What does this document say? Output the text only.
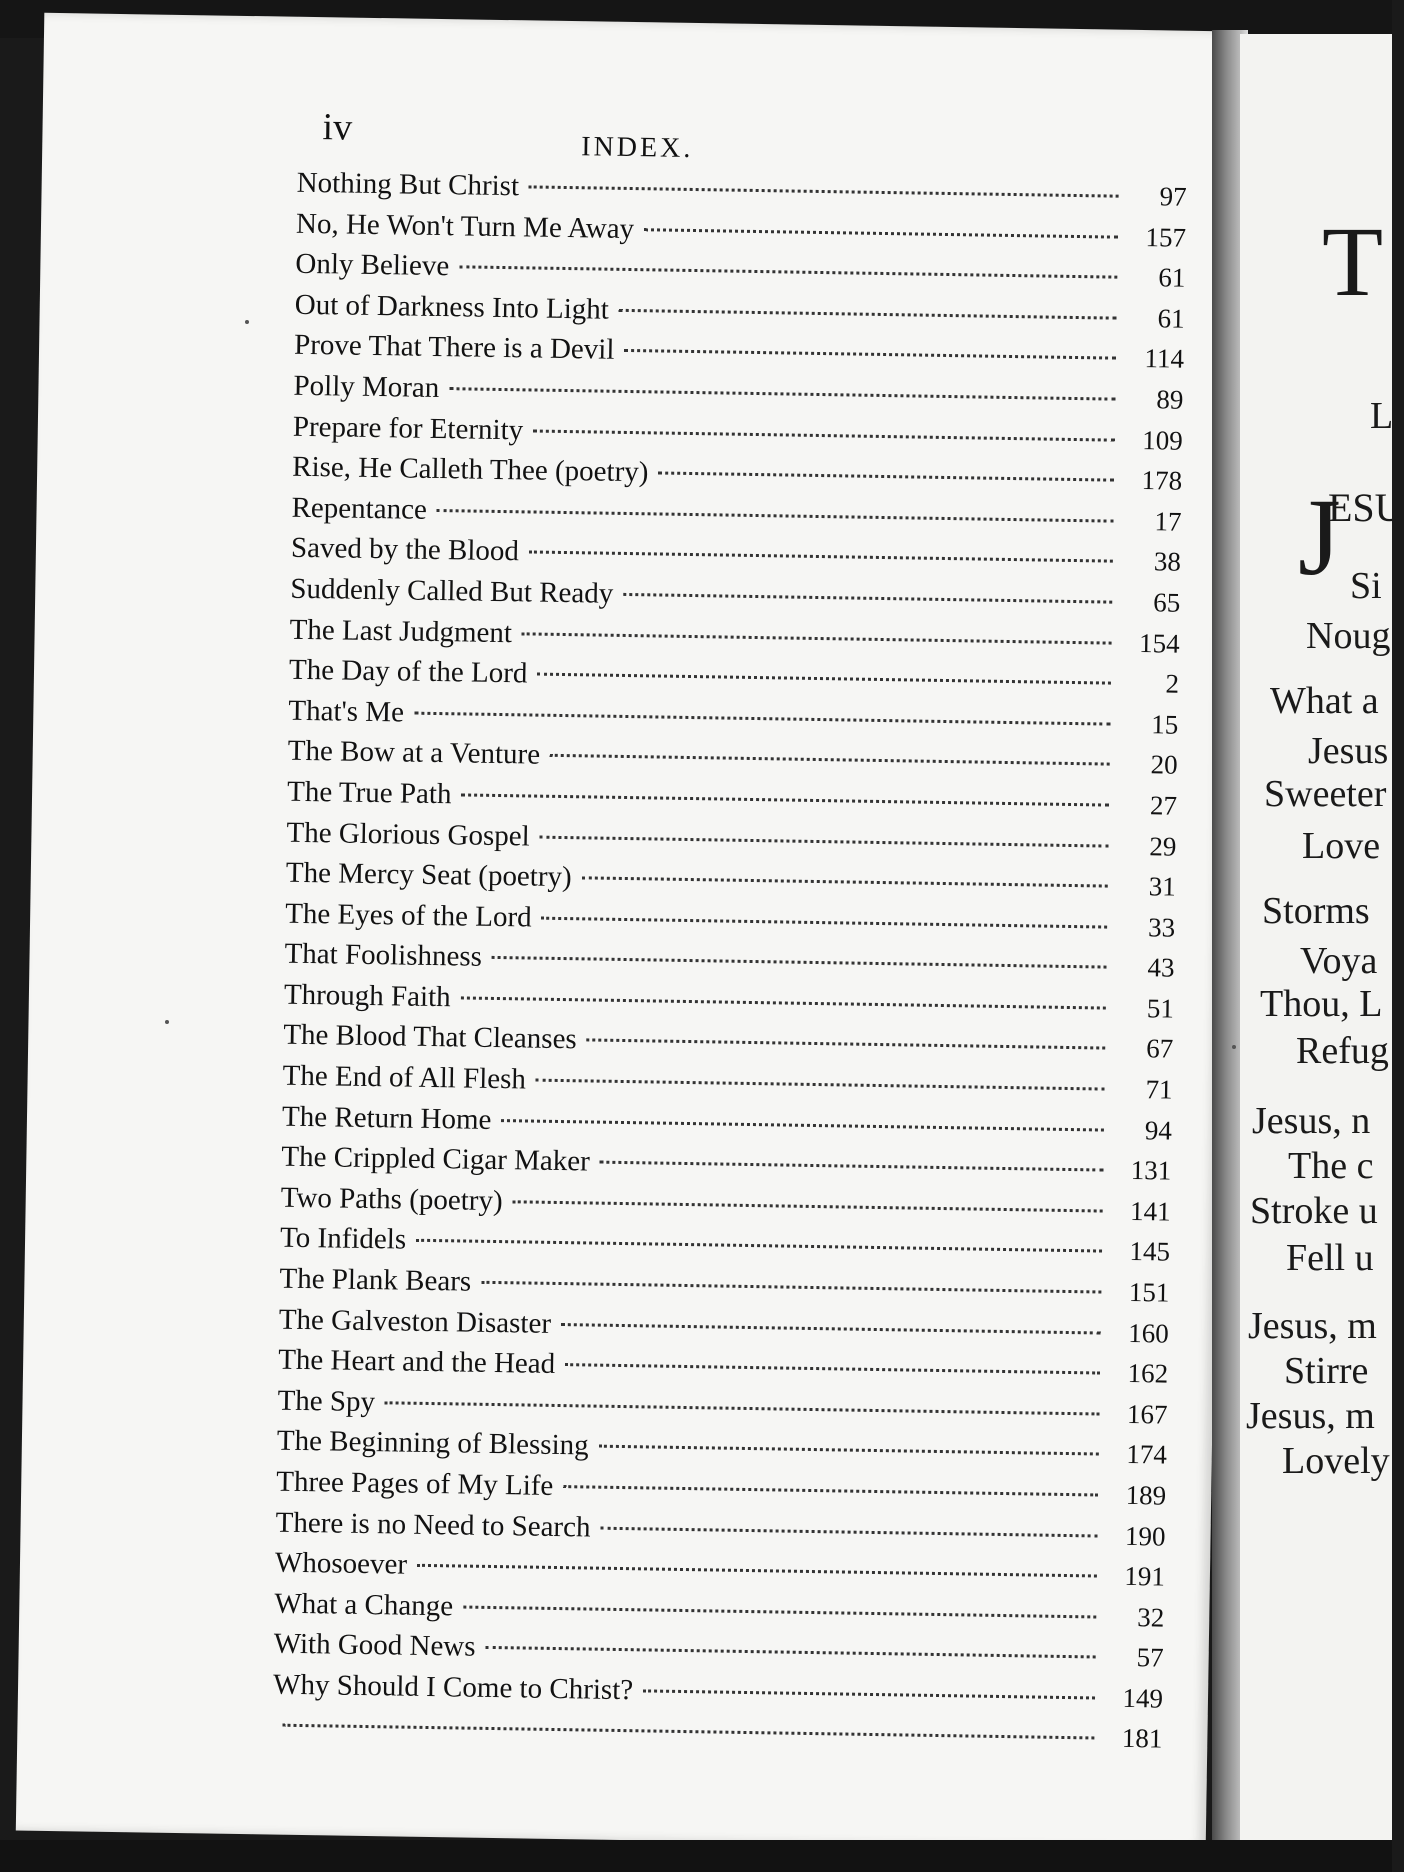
iv	INDEX.
Nothing But Christ	97
No, He Won't Turn Me Away	157
Only Believe	61
Out of Darkness Into Light	61
Prove That There is a Devil	114
Polly Moran	89
Prepare for Eternity	109
Rise, He Calleth Thee (poetry)	178
Repentance	17
Saved by the Blood	38
Suddenly Called But Ready	65
The Last Judgment	154
The Day of the Lord	2
That's Me	15
The Bow at a Venture	20
The True Path	27
The Glorious Gospel	29
The Mercy Seat (poetry)	31
The Eyes of the Lord	33
That Foolishness	43
Through Faith	51
The Blood That Cleanses	67
The End of All Flesh	71
The Return Home	94
The Crippled Cigar Maker	131
Two Paths (poetry)	141
To Infidels	145
The Plank Bears	151
The Galveston Disaster	160
The Heart and the Head	162
The Spy	167
The Beginning of Blessing	174
Three Pages of My Life	189
There is no Need to Search	190
Whosoever	191
What a Change	32
With Good News	57
Why Should I Come to Christ?	149
181
T
L
ESU
J Si
Noug
What a
Jesus
Sweeter
Love
Storms
Voya
Thou, L
Refug
Jesus, n
The c
Stroke u
Fell u
Jesus, m
Stirre
Jesus, m
Lovely
